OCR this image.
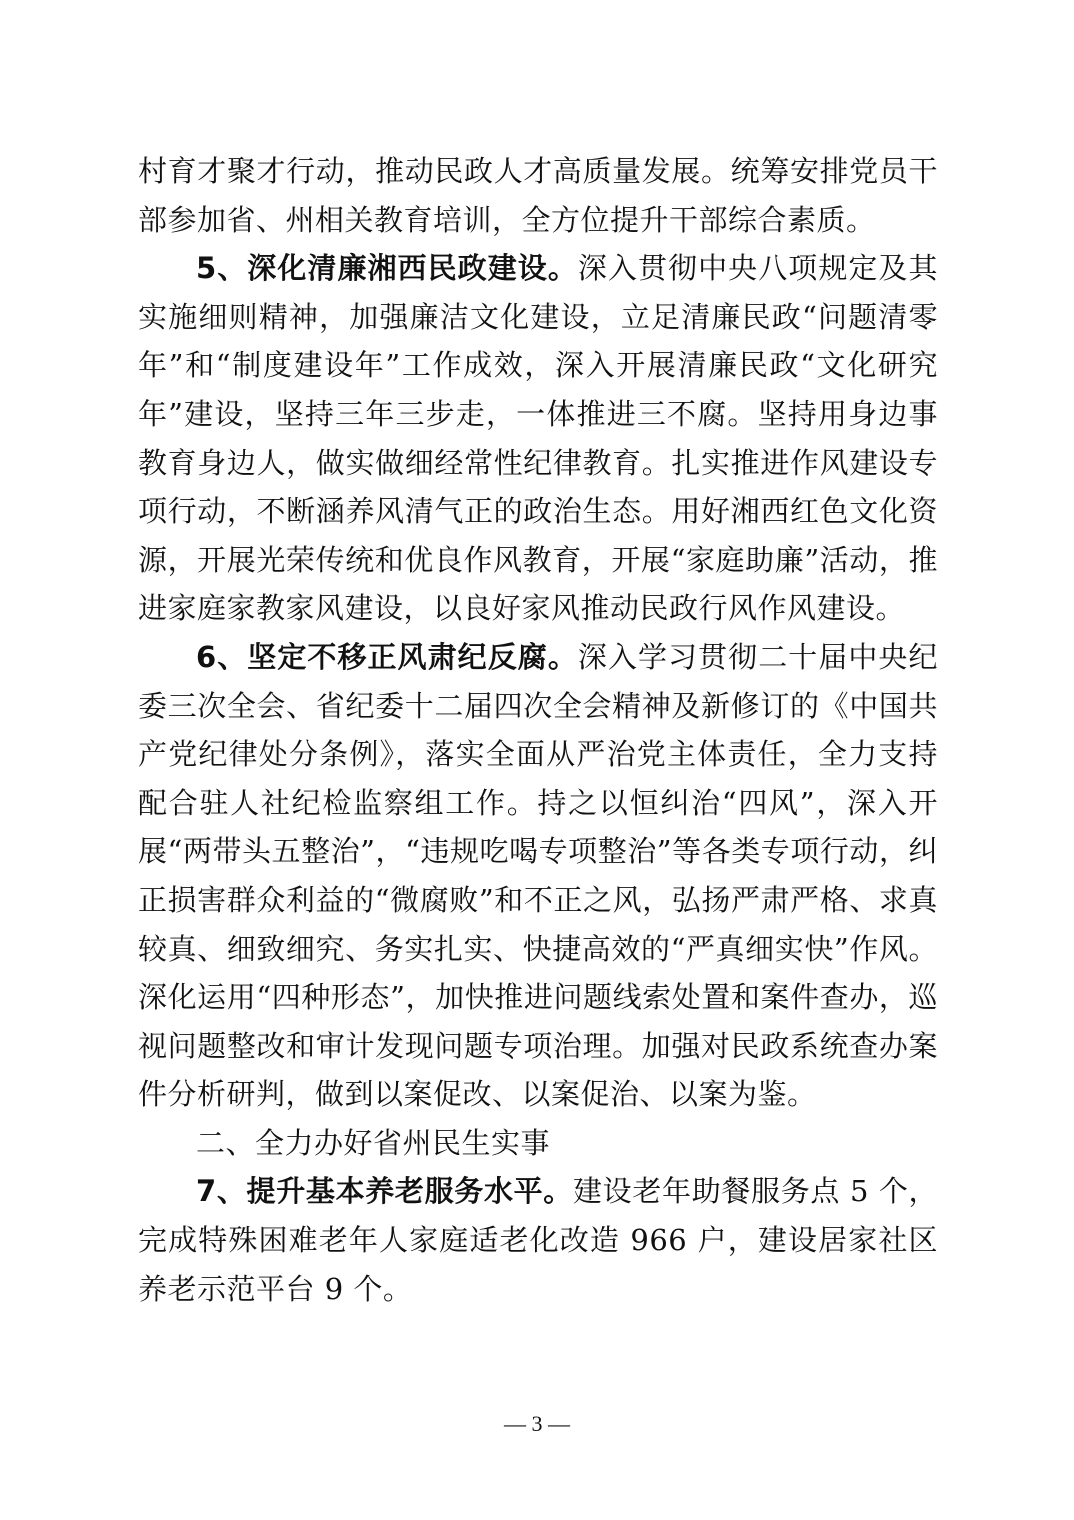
村育才聚才行动，推动民政人才高质量发展。统筹安排党员干部参加省、州相关教育培训，全方位提升干部综合素质。

5、深化清廉湘西民政建设。深入贯彻中央八项规定及其实施细则精神，加强廉洁文化建设，立足清廉民政“问题清零年”和“制度建设年”工作成效，深入开展清廉民政“文化研究年”建设，坚持三年三步走，一体推进三不腐。坚持用身边事教育身边人，做实做细经常性纪律教育。扎实推进作风建设专项行动，不断涵养风清气正的政治生态。用好湘西红色文化资源，开展光荣传统和优良作风教育，开展“家庭助廉”活动，推进家庭家教家风建设，以良好家风推动民政行风作风建设。

6、坚定不移正风肃纪反腐。深入学习贯彻二十届中央纪委三次全会、省纪委十二届四次全会精神及新修订的《中国共产党纪律处分条例》，落实全面从严治党主体责任，全力支持配合驻人社纪检监察组工作。持之以恒纠治“四风”，深入开展“两带头五整治”，“违规吃喝专项整治”等各类专项行动，纠正损害群众利益的“微腐败”和不正之风，弘扬严肃严格、求真较真、细致细究、务实扎实、快捷高效的“严真细实快”作风。深化运用“四种形态”，加快推进问题线索处置和案件查办，巡视问题整改和审计发现问题专项治理。加强对民政系统查办案件分析研判，做到以案促改、以案促治、以案为鉴。

二、全力办好省州民生实事

7、提升基本养老服务水平。建设老年助餐服务点 5 个，完成特殊困难老年人家庭适老化改造 966 户，建设居家社区养老示范平台 9 个。

— 3 —
